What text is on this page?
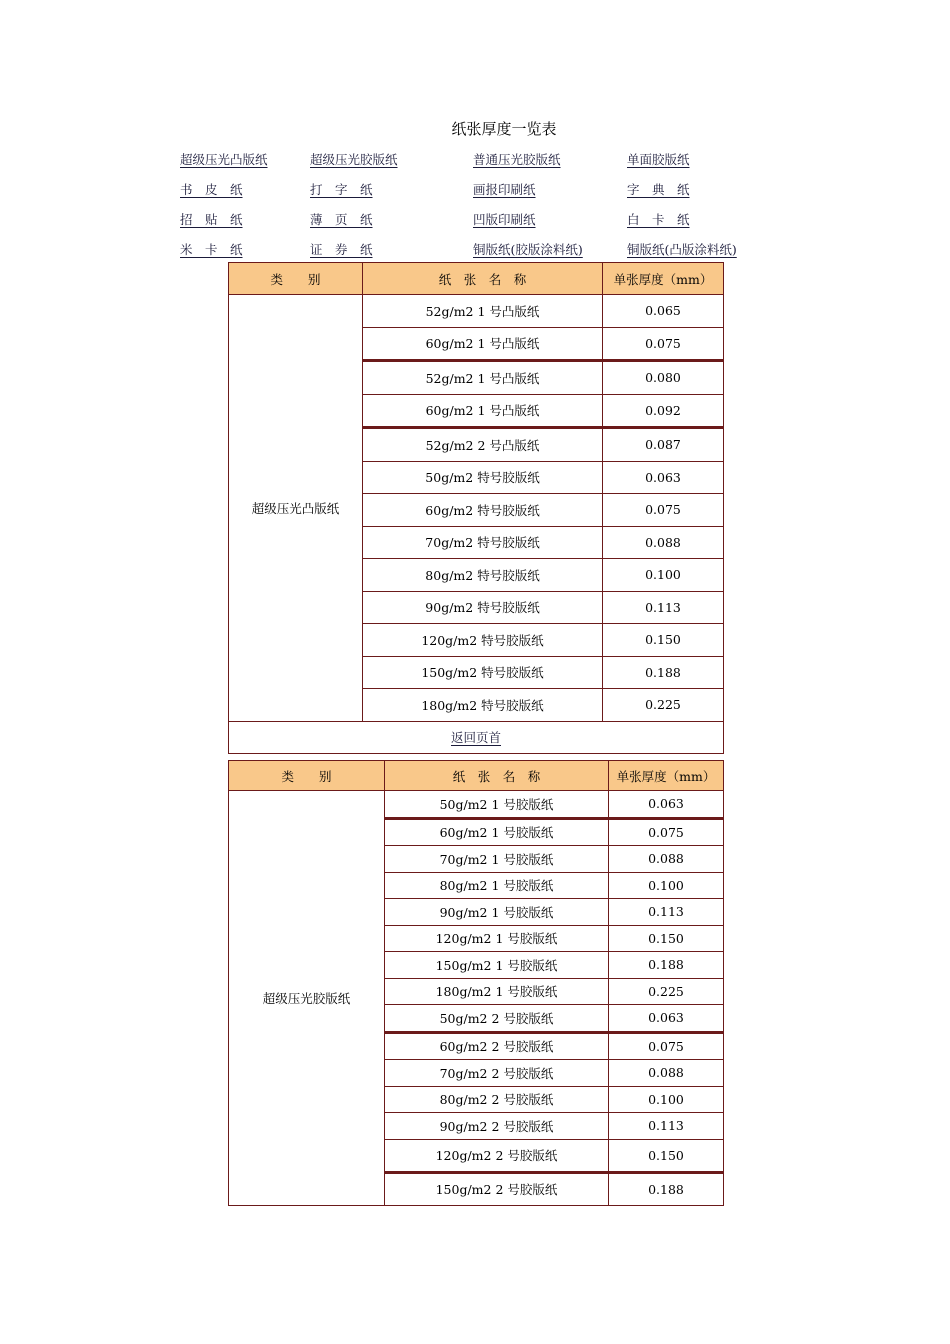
纸张厚度一览表
超级压光凸版纸	超级压光胶版纸	普通压光胶版纸	单面胶版纸
书　皮　纸	打　字　纸	画报印刷纸	字　典　纸
招　贴　纸	薄　页　纸	凹版印刷纸	白　卡　纸
米　卡　纸	证　券　纸	铜版纸(胶版涂料纸)	铜版纸(凸版涂料纸)
类　　别	纸　张　名　称	单张厚度（mm）
超级压光凸版纸	52g/m2 1 号凸版纸	0.065
	60g/m2 1 号凸版纸	0.075
	52g/m2 1 号凸版纸	0.080
	60g/m2 1 号凸版纸	0.092
	52g/m2 2 号凸版纸	0.087
	50g/m2 特号胶版纸	0.063
	60g/m2 特号胶版纸	0.075
	70g/m2 特号胶版纸	0.088
	80g/m2 特号胶版纸	0.100
	90g/m2 特号胶版纸	0.113
	120g/m2 特号胶版纸	0.150
	150g/m2 特号胶版纸	0.188
	180g/m2 特号胶版纸	0.225
返回页首		
类　　别	纸　张　名　称	单张厚度（mm）
超级压光胶版纸	50g/m2 1 号胶版纸	0.063
	60g/m2 1 号胶版纸	0.075
	70g/m2 1 号胶版纸	0.088
	80g/m2 1 号胶版纸	0.100
	90g/m2 1 号胶版纸	0.113
	120g/m2 1 号胶版纸	0.150
	150g/m2 1 号胶版纸	0.188
	180g/m2 1 号胶版纸	0.225
	50g/m2 2 号胶版纸	0.063
	60g/m2 2 号胶版纸	0.075
	70g/m2 2 号胶版纸	0.088
	80g/m2 2 号胶版纸	0.100
	90g/m2 2 号胶版纸	0.113
	120g/m2 2 号胶版纸	0.150
	150g/m2 2 号胶版纸	0.188
